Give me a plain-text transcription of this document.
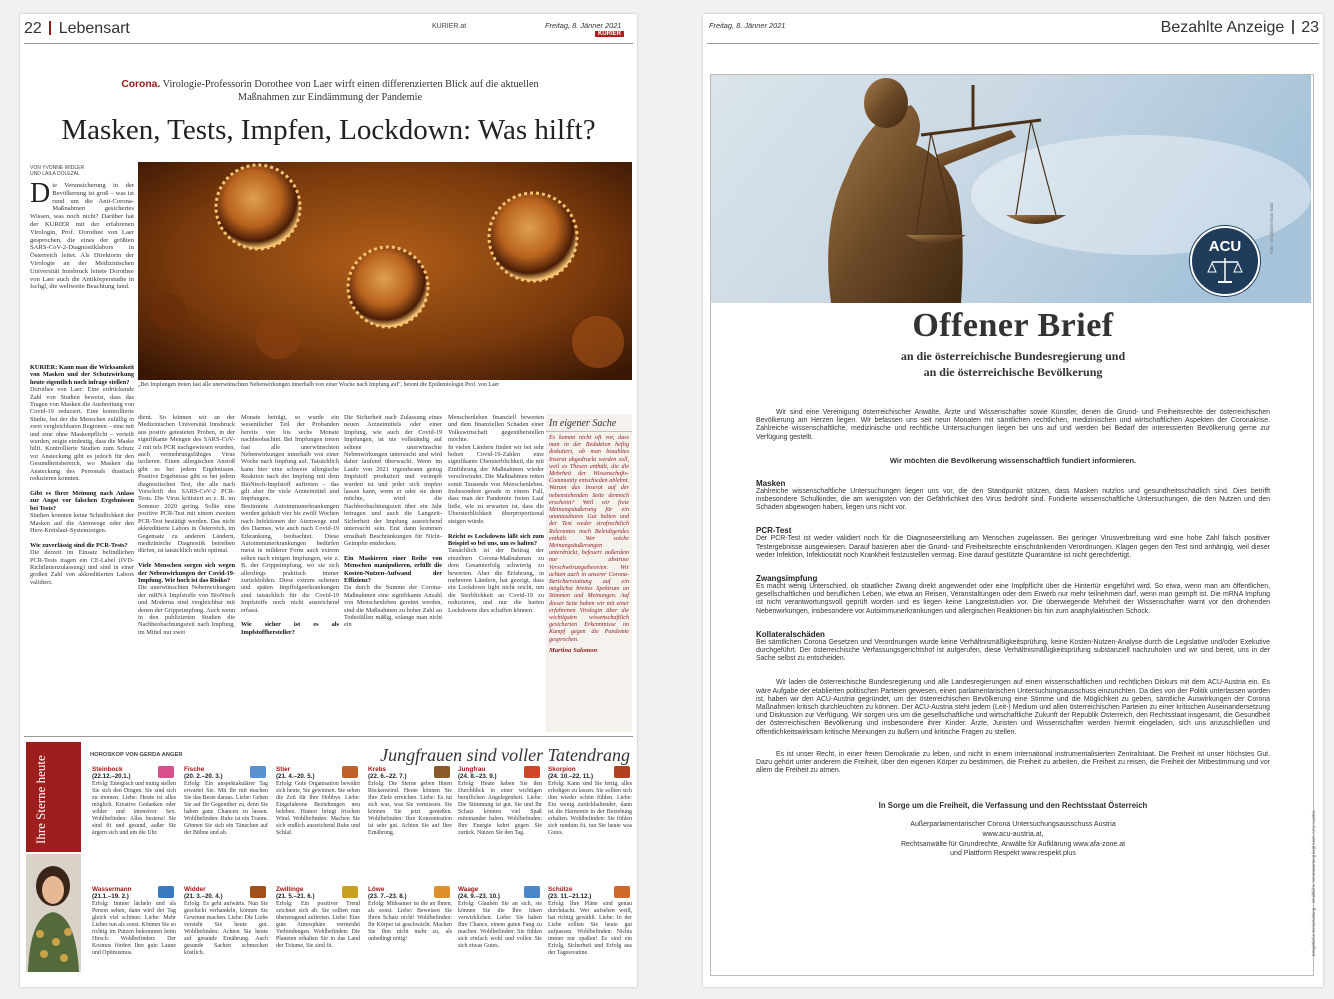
22 Lebensart	KURIER.at	Freitag, 8. Jänner 2021
KURIER
Corona. Virologie-Professorin Dorothee von Laer wirft einen differenzierten Blick auf die aktuellen Maßnahmen zur Eindämmung der Pandemie
Masken, Tests, Impfen, Lockdown: Was hilft?
VON YVONNE WIDLER
UND LAILA DOLEZAL
D ie Verunsicherung in der Bevölkerung ist groß – was ist rund um die Anti-Corona-Maßnahmen gesichertes Wissen, was noch nicht? Darüber hat der KURIER mit der erfahrenen Virologin, Prof. Dorothee von Laer gesprochen, die eines der größten SARS-CoV-2-Diagnostiklabors in Österreich leitet. Als Direktorin der Virologie an der Medizinischen Universität Innsbruck leitete Dorothee von Laer auch die Antikörperstudie in Ischgl, die weltweite Beachtung fand.
„Bei Impfungen treten fast alle unerwünschten Nebenwirkungen innerhalb von einer Woche nach Impfung auf", betont die Epidemiologin Prof. von Laer
KURIER: Kann man die Wirksamkeit von Masken und der Schutzwirkung heute eigentlich noch infrage stellen?
Dorothee von Laer: Eine erdrückende Zahl von Studien beweist, dass das Tragen von Masken die Ausbreitung von Covid-19 reduziert. Eine kontrollierte Studie, bei der die Menschen zufällig in zwei vergleichbaren Regionen – eine mit und eine ohne Maskenpflicht – verteilt wurden, zeigte eindeutig, dass die Maske hilft. Kontrollierte Studien zum Schutz vor Ansteckung gibt es jedoch für den Gesundheitsbereich, wo Masken die Ansteckung des Personals drastisch reduzieren konnten.

Gibt es Ihrer Meinung nach Anlass zur Angst vor falschen Ergebnissen bei Tests?
Studien konnten keine Schädlichkeit der Masken auf die Atemwege oder den Herz-Kreislauf-Systemzeigen.

Wie zuverlässig sind die PCR-Tests?
Die derzeit im Einsatz befindlichen PCR-Tests tragen ein CE-Label (IVD-Richtlinienzulassung) und sind in einer großen Zahl von akkreditierten Labors validiert.
dient. So können wir an der Medizinischen Universität Innsbruck aus positiv getesteten Proben, in der signifikante Mengen des SARS-CoV-2 mit tels PCR nachgewiesen wurden, auch vermehrungsfähiges Virus isolieren. Einen allergischen Anstoß gibt es bei jedem Ergebnissen. Positive Ergebnisse gibt es bei jedem diagnostischen Test, die alle nach Vorschrift des SARS-CoV-2 PCR-Tests. Die Virus kritisiert so z. B. im Sommer 2020 gering. Sollte eine positive PCR-Test mit einem zweiten PCR-Test bestätigt werden. Das nicht akkreditierte Labors in Österreich, im Gegensatz zu anderen Ländern, medizinische Diagnostik betreiben dürfen, ist tatsächlich nicht optimal.

Viele Menschen sorgen sich wegen der Nebenwirkungen der Covid-19-Impfung. Wie hoch ist das Risiko?
Die unerwünschten Nebenwirkungen der mRNA Impfstoffe von BioNtech und Moderna sind vergleichbar mit denen der Grippeimpfung. Auch wenn in den publizierten Studien die Nachbeobachtungszeit nach Impfung, im Mittel nur zwei
Monate beträgt, so wurde ein wesentlicher Teil der Probanden bereits vier bis sechs Monate nachbeobachtet. Bei Impfungen treten fast alle unerwünschten Nebenwirkungen innerhalb von einer Woche nach Impfung auf. Tatsächlich kann hier eine schwere allergische Reaktion nach der Impfung mit dem BioNtech-Impfstoff auftreten – das gilt aber für viele Arzneimittel und Impfungen.
Bestimmte Autoimmunerkrankungen werden gehäuft vier bis zwölf Wochen nach Infektionen der Atemwege und des Darmes, wie auch nach Covid-19 Erkrankung, beobachtet. Diese Autoimmunerkrankungen bedürfen meist in milderer Form auch extrem selten nach einigen Impfungen, wie z. B. der Grippeimpfung, wo sie sich allerdings praktisch immer zurückbilden. Diese extrem seltenen und späten Impffolgeerkrankungen sind tatsächlich für die Covid-19 Impfstoffe noch nicht ausreichend erfasst.

Wie sicher ist es als Impfstoffhersteller?
Die Sicherheit nach Zulassung eines neuen Arzneimittels oder einer Impfung, wie auch der Covid-19 Impfungen, ist nie vollständig auf seltene unerwünschte Nebenwirkungen untersucht und wird daher laufend überwacht. Wenn im Laufe von 2021 irgendwann genug Impfstoff produziert und verimpft wurden ist und jeder sich impfen lassen kann, wenn er oder sie denn möchte, wird die Nachbeobachtungszeit über ein Jahr betragen und auch die Langzeit-Sicherheit der Impfung ausreichend untersucht sein. Erst dann kommen ernsthaft Beschränkungen für Nicht-Geimpfte entdecken.

Ein Maskieren einer Reihe von Menschen manipulieren, erfüllt die Kosten-Nutzen-Aufwand der Effizienz?
Da durch die Summe der Corona-Maßnahmen eine signifikante Anzahl von Menschenleben gerettet werden, sind die Maßnahmen zu hoher Zahl an Todesfällen mäßig, solange man nicht ein
Menschenleben finanziell bewerten und dem finanziellen Schaden einer Volkswirtschaft gegenüberstellen möchte.
In vielen Ländern finden wir bei sehr hohen Covid-19-Zahlen eine signifikante Übersterblichkeit, die mit Einführung der Maßnahmen wieder verschwindet. Die Maßnahmen retten somit Tausende von Menschenleben. Insbesondere gerade in einem Fall, dass man der Pandemie freien Lauf ließe, wie zu erwarten ist, dass die Übersterblichkeit überproportional steigen würde.

Reicht es Lockdowns läßt sich zum Beispiel so bei uns, um es halten?
Tatsächlich ist der Beitrag der einzelnen Corona-Maßnahmen zu dem Gesamterfolg schwierig zu bewerten. Aber die Erfahrung, in mehreren Ländern, hat gezeigt, dass ein Lockdown light nicht reicht, um die Sterblichkeit an Covid-19 zu reduzieren, und nur die harten Lockdowns dies schaffen können.
In eigener Sache
Es kommt nicht oft vor, dass man in der Redaktion heftig diskutiert, ob man bezahltes Inserat abgedruckt werden soll, weil es Thesen enthält, die die Mehrheit der Wissenschafts-Community entschieden ablehnt. Warum das Inserat auf der nebenstehenden Seite dennoch erscheint? Weil wir freie Meinungsäußerung für ein unantastbares Gut halten und der Text weder strafrechtlich Relevantes noch Beleidigendes enthält. Wer solche Meinungsäußerungen unterdrückt, befeuert außerdem nur abstruse Verschwörungstheorien. Wir achten auch in unserer Corona-Berichterstattung auf ein möglichst breites Spektrum an Stimmen und Meinungen. Auf dieser Seite haben wir mit einer erfahrenen Virologin über die wichtigsten wissenschaftlich gesicherten Erkenntnisse im Kampf gegen die Pandemie gesprochen.
Martina Salomon
Ihre Sterne heute
HOROSKOP VON GERDA ANGER	Jungfrauen sind voller Tatendrang
Steinbock
(22.12.–20.1.)
Erfolg: Energisch und mutig stellen Sie sich den Dingen. Sie sind sich zu trennen. Liebe: Heute ist alles möglich. Kreative Gedanken oder wilder und intensiver Sex. Wohlbefinden: Alles bestens! Sie sind fit und gesund, außer Sie ärgern sich und um die Uhr.
Fische
(20. 2.–20. 3.)
Erfolg: Ein unspektakulärer Tag erwartet Sie. Mit Ihr mit machen Sie das Beste daraus. Liebe: Geben Sie auf Ihr Gegenüber zu, denn Sie haben ganz Chancen zu lassen. Wohlbefinden: Ruhe ist ein Traum. Gönnen Sie sich ein Tänzchen auf der Bühne und ab.
Stier
(21. 4.–20. 5.)
Erfolg: Gute Organisation bewährt sich heute, Sie gewinnen. Sie sehen die Zeit für Ihre Hobbys. Liebe: Eingefahrene Beziehungen neu beleben. Humor bringt frischen Wind. Wohlbefinden: Machen Sie sich endlich ausreichend Ruhe und Schlaf.
Krebs
(22. 6.–22. 7.)
Erfolg: Die Sterne geben Ihnen Rückenwind. Heute können Sie Ihre Ziele erreichen. Liebe: Es tut sich was, was Sie vermissen. Sie können Sie jetzt genießen. Wohlbefinden: Ihre Konzentration ist sehr gut. Achten Sie auf Ihre Ernährung.
Jungfrau
(24. 8.–23. 9.)
Erfolg: Heute haben Sie den Durchblick in einer wichtigen beruflichen Angelegenheit. Liebe: Die Stimmung ist gut. Sie und Ihr Schatz können viel Spaß miteinander haben. Wohlbefinden: Ihre Energie kehrt gegen Sie zurück. Nutzen Sie den Tag.
Skorpion
(24. 10.–22. 11.)
Erfolg: Kann sind Sie fertig, alles erledigen zu lassen. Sie sollten sich ihm wieder schön fühlen. Liebe: Ein wenig zurückhaltender, dann ist die Harmonie in der Beziehung erhalten. Wohlbefinden: Sie fühlen sich rundum fit, tun Sie heute was Gutes.
Wassermann
(21.1.–19. 2.)
Erfolg: Immer lächeln und als Person sehen, dann wird der Tag gleich viel schöner. Liebe: Mehr Liebes tun als sonst. Können Sie so richtig im Putzen bekommen beim Hirsch. Wohlbefinden: Der Kosmos fördert Ihre gute Laune und Optimismus.
Widder
(21. 3.–20. 4.)
Erfolg: Es geht aufwärts. Nun Sie geschickt verhandeln, können Sie Gewinne machen. Liebe: Die Liebe versteht Sie heute gut. Wohlbefinden: Achten Sie heute auf gesunde Ernährung. Auch gesunde Sachen schmecken köstlich.
Zwillinge
(21. 5.–21. 6.)
Erfolg: Ein positiver Trend zeichnet sich ab. Sie sollten nun überzeugend auftreten. Liebe: Eine gute Atmosphäre vermeidet Verbindungen. Wohlbefinden: Die Planeten erhalten Sie in das Land der Träume, Sie sind fit.
Löwe
(23. 7.–23. 8.)
Erfolg: Mühsamer ist die an Ihnen, als sonst. Liebe: Beweisen Sie Ihren Schatz nicht! Wohlbefinden: Ihr Körper ist geschwächt. Machen Sie Ihm nicht mehr zu, als unbedingt nötig!
Waage
(24. 9.–23. 10.)
Erfolg: Glauben Sie an sich, sie können Sie die Ihre Ideen verwirklichen. Liebe: Sie haben Ihre Chance, einem guten Fang zu machen. Wohlbefinden: Sie fühlen sich einfach wohl und vollen Sie sich etwas Gutes.
Schütze
(23. 11.–21.12.)
Erfolg: Ihre Pläne sind genau durchdacht. Wer aufsehen weiß, hat richtig gewählt. Liebe: In der Liebe sollten Sie heute gut aufpassen. Wohlbefinden: Nichts immer nur spaßen! Es sind ein Erfolg, Sicherheit und Erfolg aus der Tagesroutine.
Freitag, 8. Jänner 2021	Bezahlte Anzeige 23
Foto: Unsplash/Ansar Naib
ACU
Offener Brief
an die österreichische Bundesregierung und
an die österreichische Bevölkerung
Wir sind eine Vereinigung österreichischer Anwälte, Ärzte und Wissenschafter sowie Künstler, denen die Grund- und Freiheitsrechte der österreichischen Bevölkerung am Herzen liegen. Wir befassen uns seit neun Monaten mit sämtlichen rechtlichen, medizinischen und wirtschaftlichen Aspekten der Coronakrise. Zahlreiche wissenschaftliche, medizinische und rechtliche Untersuchungen liegen bei uns auf und werden bei Bedarf der interessierten Bevölkerung gerne zur Verfügung gestellt.
Wir möchten die Bevölkerung wissenschaftlich fundiert informieren.
Masken
Zahlreiche wissenschaftliche Untersuchungen liegen uns vor, die den Standpunkt stützen, dass Masken nutzlos und gesundheitsschädlich sind. Dies betrifft insbesondere Schulkinder, die am wenigsten von der Gefährlichkeit des Virus bedroht sind. Fundierte wissenschaftliche Untersuchungen, die den Nutzen und den Schaden abgewogen haben, liegen uns nicht vor.
PCR-Test
Der PCR-Test ist weder validiert noch für die Diagnoseerstellung am Menschen zugelassen. Bei geringer Virusverbreitung wird eine hohe Zahl falsch positiver Testergebnisse ausgewiesen. Darauf basieren aber die Grund- und Freiheitsrechte einschränkenden Verordnungen. Klagen gegen den Test sind anhängig, weil dieser weder Infektion, Infektiosität noch Krankheit festzustellen vermag. Eine darauf gestützte Quarantäne ist nicht gerechtfertigt.
Zwangsimpfung
Es macht wenig Unterschied, ob staatlicher Zwang direkt angewendet oder eine Impfpflicht über die Hintertür eingeführt wird. So etwa, wenn man am öffentlichen, gesellschaftlichen und beruflichen Leben, wie etwa an Reisen, Veranstaltungen oder dem Erwerb nur mehr teilnehmen darf, wenn man geimpft ist. Die mRNA Impfung ist nicht verantwortungsvoll geprüft worden und es liegen keine Langzeitstudien vor. Die überwiegende Mehrheit der Wissenschafter warnt vor den drohenden Nebenwirkungen, insbesondere vor Autoimmunerkrankungen und allergischen Reaktionen bis hin zum anaphylaktischen Schock.
Kollateralschäden
Bei sämtlichen Corona Gesetzen und Verordnungen wurde keine Verhältnismäßigkeitsprüfung, keine Kosten-Nutzen-Analyse durch die Legislative und/oder Exekutive durchgeführt. Der österreichische Verfassungsgerichtshof ist aufgerufen, diese Verhältnismäßigkeitsprüfung substanziell nachzuholen und wir sind bereit, uns in der Sache selbst zu entscheiden.
Wir laden die österreichische Bundesregierung und alle Landesregierungen auf einen wissenschaftlichen und rechtlichen Diskurs mit dem ACU-Austria ein. Es wäre Aufgabe der etablierten politischen Parteien gewesen, einen parlamentarischen Untersuchungsausschuss einzurichten. Da dies von der Politik unterlassen worden ist, haben wir den ACU-Austria gegründet, um der österreichischen Bevölkerung eine Stimme und die Möglichkeit zu geben, sämtliche Auswirkungen der Corona Maßnahmen kritisch durchleuchten zu können. Der ACU-Austria steht jedem (Leit-) Medium und allen österreichischen Parteien zu einer kritischen Auseinandersetzung und Diskussion zur Verfügung. Wir sorgen uns um die gesellschaftliche und wirtschaftliche Zukunft der Republik Österreich, den Rechtsstaat insgesamt, die Gesundheit der österreichischen Bevölkerung und insbesondere ihrer Kinder. Ärzte, Juristen und Wissenschafter werden hiermit eingeladen, sich uns anzuschließen und öffentlichkeitswirksam kritische Meinungen zu äußern und kritische Fragen zu stellen.
Es ist unser Recht, in einer freien Demokratie zu leben, und nicht in einem international instrumentalisierten Zentralstaat. Die Freiheit ist unser höchstes Gut. Dazu gehört unter anderem die Freiheit, über den eigenen Körper zu bestimmen, die Freiheit zu arbeiten, die Freiheit zu reisen, die Freiheit der Mitbestimmung und vor allem die Freiheit zu atmen.
In Sorge um die Freiheit, die Verfassung und den Rechtsstaat Österreich
Außerparlamentarischer Corona Untersuchungsausschuss Austria
www.acu-austria.at,
Rechtsanwälte für Grundrechte, Anwälte für Aufklärung www.afa-zone.at
und Plattform Respekt www.respekt.plus	Entgeltliche Einschaltung – Inhaltliche Verantwortung liegt beim ACU-Austria
